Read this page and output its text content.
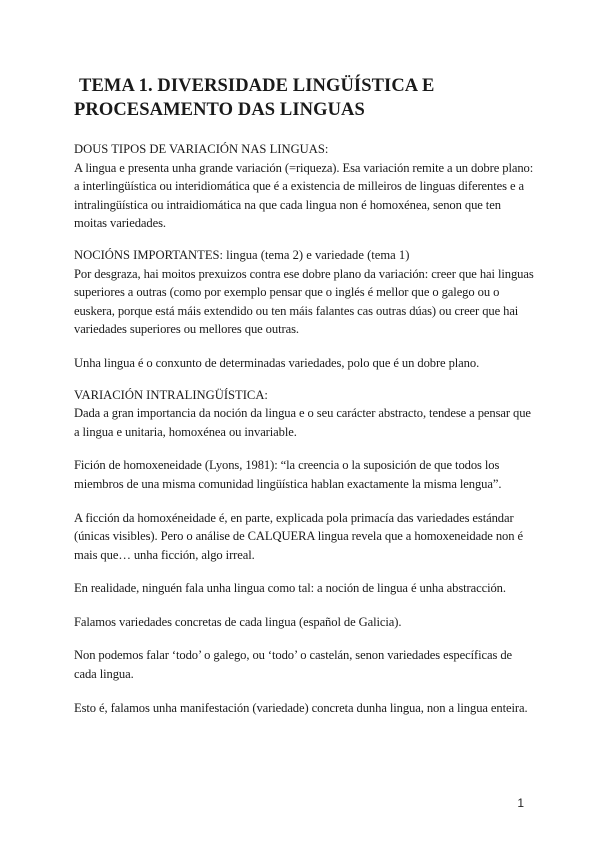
TEMA 1. DIVERSIDADE LINGÜÍSTICA E
PROCESAMENTO DAS LINGUAS

DOUS TIPOS DE VARIACIÓN NAS LINGUAS:

A lingua e presenta unha grande variación (=riqueza). Esa variación remite a un dobre plano: a interlingüística ou interidiomática que é a existencia de milleiros de linguas diferentes e a intralingüística ou intraidiomática na que cada lingua non é homoxénea, senon que ten moitas variedades.

NOCIÓNS IMPORTANTES: lingua (tema 2) e variedade (tema 1)

Por desgraza, hai moitos prexuizos contra ese dobre plano da variación: creer que hai linguas superiores a outras (como por exemplo pensar que o inglés é mellor que o galego ou o euskera, porque está máis extendido ou ten máis falantes cas outras dúas) ou creer que hai variedades superiores ou mellores que outras.

Unha lingua é o conxunto de determinadas variedades, polo que é un dobre plano.

VARIACIÓN INTRALINGÜÍSTICA:

Dada a gran importancia da noción da lingua e o seu carácter abstracto, tendese a pensar que a lingua e unitaria, homoxénea ou invariable.

Fición de homoxeneidade (Lyons, 1981): “la creencia o la suposición de que todos los miembros de una misma comunidad lingüística hablan exactamente la misma lengua”.

A ficción da homoxéneidade é, en parte, explicada pola primacía das variedades estándar (únicas visibles). Pero o análise de CALQUERA lingua revela que a homoxeneidade non é mais que… unha ficción, algo irreal.

En realidade, ninguén fala unha lingua como tal: a noción de lingua é unha abstracción.

Falamos variedades concretas de cada lingua (español de Galicia).

Non podemos falar ‘todo’ o galego, ou ‘todo’ o castelán, senon variedades específicas de cada lingua.

Esto é, falamos unha manifestación (variedade) concreta dunha lingua, non a lingua enteira.

1
